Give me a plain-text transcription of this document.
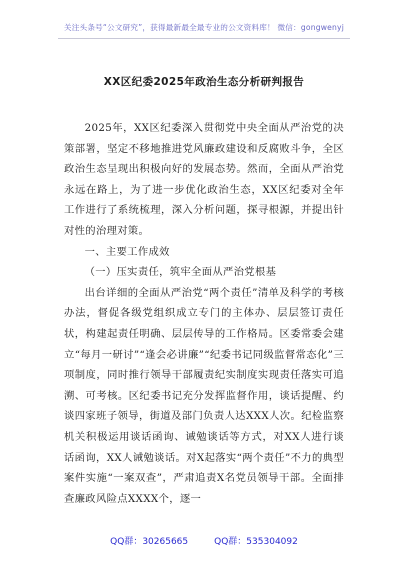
关注头条号“公文研究”，获得最新最全最专业的公文资料库！ 微信：gongwenyj
XX区纪委2025年政治生态分析研判报告

2025年，XX区纪委深入贯彻党中央全面从严治党的决策部署，坚定不移地推进党风廉政建设和反腐败斗争，全区政治生态呈现出积极向好的发展态势。然而，全面从严治党永远在路上，为了进一步优化政治生态，XX区纪委对全年工作进行了系统梳理，深入分析问题，探寻根源，并提出针对性的治理对策。

一、主要工作成效

（一）压实责任，筑牢全面从严治党根基

出台详细的全面从严治党“两个责任”清单及科学的考核办法，督促各级党组织成立专门的主体办、层层签订责任状，构建起责任明确、层层传导的工作格局。区委常委会建立“每月一研讨”“逢会必讲廉”“纪委书记同级监督常态化”三项制度，同时推行领导干部履责纪实制度实现责任落实可追溯、可考核。区纪委书记充分发挥监督作用，谈话提醒、约谈四家班子领导，街道及部门负责人达XXX人次。纪检监察机关积极运用谈话函询、诫勉谈话等方式，对XX人进行谈话函询，XX人诫勉谈话。对X起落实“两个责任”不力的典型案件实施“一案双查”，严肃追责X名党员领导干部。全面排查廉政风险点XXXX个，逐一

QQ群：30265665	QQ群：535304092
